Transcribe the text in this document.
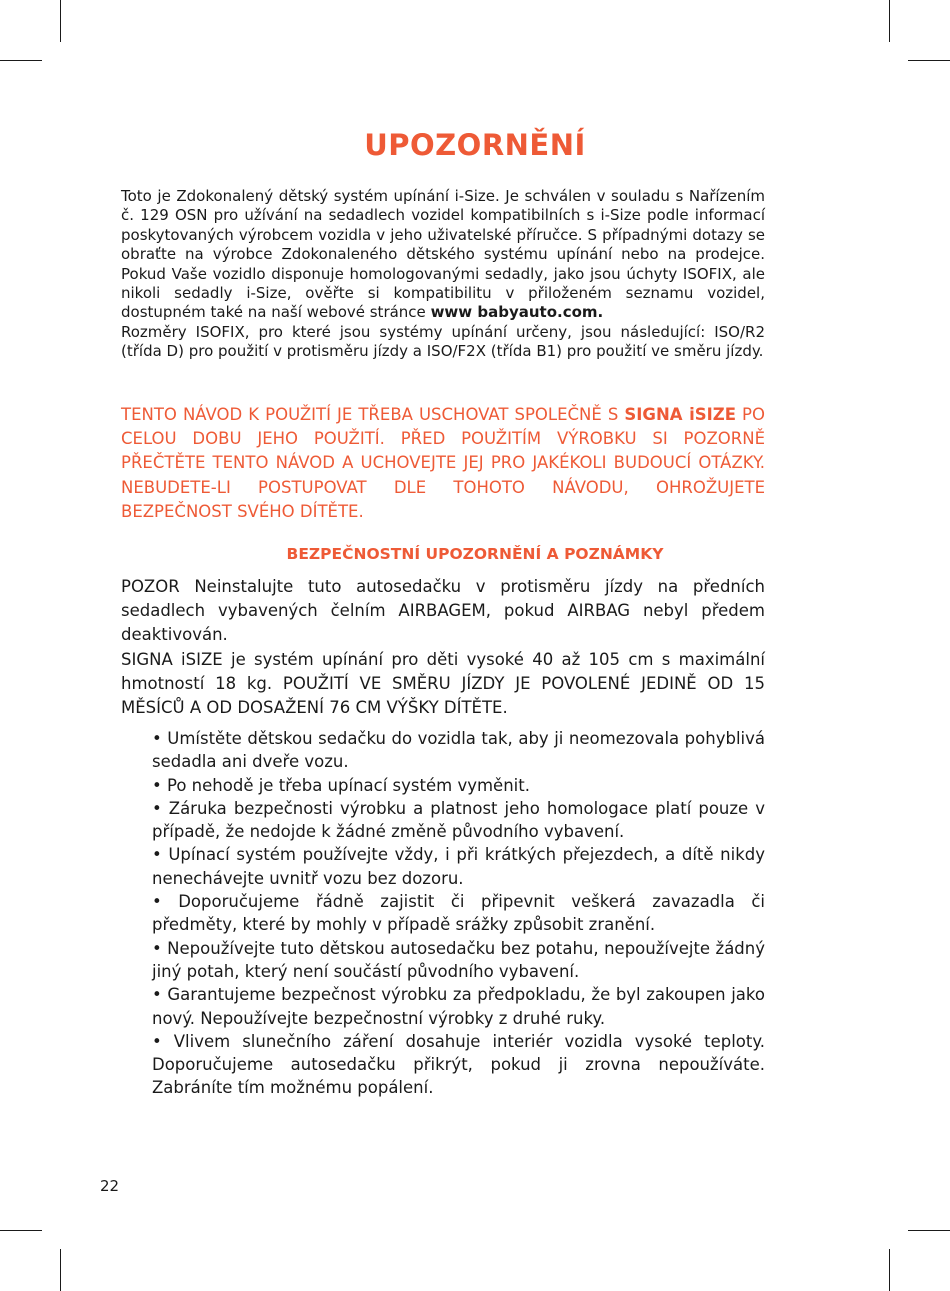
UPOZORNĚNÍ

Toto je Zdokonalený dětský systém upínání i-Size. Je schválen v souladu s Nařízením č. 129 OSN pro užívání na sedadlech vozidel kompatibilních s i-Size podle informací poskytovaných výrobcem vozidla v jeho uživatelské příručce. S případnými dotazy se obraťte na výrobce Zdokonaleného dětského systému upínání nebo na prodejce. Pokud Vaše vozidlo disponuje homologovanými sedadly, jako jsou úchyty ISOFIX, ale nikoli sedadly i-Size, ověřte si kompatibilitu v přiloženém seznamu vozidel, dostupném také na naší webové stránce www babyauto.com.

Rozměry ISOFIX, pro které jsou systémy upínání určeny, jsou následující: ISO/R2 (třída D) pro použití v protisměru jízdy a ISO/F2X (třída B1) pro použití ve směru jízdy.

TENTO NÁVOD K POUŽITÍ JE TŘEBA USCHOVAT SPOLEČNĚ S SIGNA iSIZE PO CELOU DOBU JEHO POUŽITÍ. PŘED POUŽITÍM VÝROBKU SI POZORNĚ PŘEČTĚTE TENTO NÁVOD A UCHOVEJTE JEJ PRO JAKÉKOLI BUDOUCÍ OTÁZKY. NEBUDETE-LI POSTUPOVAT DLE TOHOTO NÁVODU, OHROŽUJETE BEZPEČNOST SVÉHO DÍTĚTE.

BEZPEČNOSTNÍ UPOZORNĚNÍ A POZNÁMKY

POZOR Neinstalujte tuto autosedačku v protisměru jízdy na předních sedadlech vybavených čelním AIRBAGEM, pokud AIRBAG nebyl předem deaktivován.

SIGNA iSIZE je systém upínání pro děti vysoké 40 až 105 cm s maximální hmotností 18 kg. POUŽITÍ VE SMĚRU JÍZDY JE POVOLENÉ JEDINĚ OD 15 MĚSÍCŮ A OD DOSAŽENÍ 76 CM VÝŠKY DÍTĚTE.

• Umístěte dětskou sedačku do vozidla tak, aby ji neomezovala pohyblivá sedadla ani dveře vozu.
• Po nehodě je třeba upínací systém vyměnit.
• Záruka bezpečnosti výrobku a platnost jeho homologace platí pouze v případě, že nedojde k žádné změně původního vybavení.
• Upínací systém používejte vždy, i při krátkých přejezdech, a dítě nikdy nenechávejte uvnitř vozu bez dozoru.
• Doporučujeme řádně zajistit či připevnit veškerá zavazadla či předměty, které by mohly v případě srážky způsobit zranění.
• Nepoužívejte tuto dětskou autosedačku bez potahu, nepoužívejte žádný jiný potah, který není součástí původního vybavení.
• Garantujeme bezpečnost výrobku za předpokladu, že byl zakoupen jako nový. Nepoužívejte bezpečnostní výrobky z druhé ruky.
• Vlivem slunečního záření dosahuje interiér vozidla vysoké teploty. Doporučujeme autosedačku přikrýt, pokud ji zrovna nepoužíváte. Zabráníte tím možnému popálení.
22
